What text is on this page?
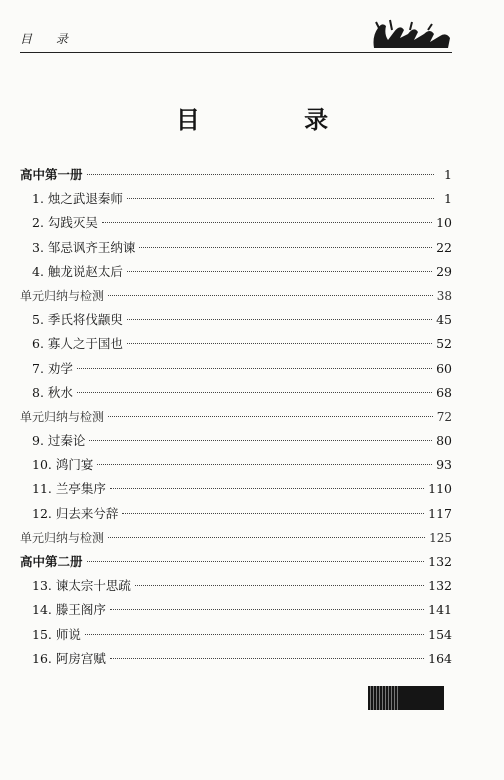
目 录
目 录
高中第一册	1
1. 烛之武退秦师	1
2. 勾践灭吴	10
3. 邹忌讽齐王纳谏	22
4. 触龙说赵太后	29
单元归纳与检测	38
5. 季氏将伐颛臾	45
6. 寡人之于国也	52
7. 劝学	60
8. 秋水	68
单元归纳与检测	72
9. 过秦论	80
10. 鸿门宴	93
11. 兰亭集序	110
12. 归去来兮辞	117
单元归纳与检测	125
高中第二册	132
13. 谏太宗十思疏	132
14. 滕王阁序	141
15. 师说	154
16. 阿房宫赋	164
